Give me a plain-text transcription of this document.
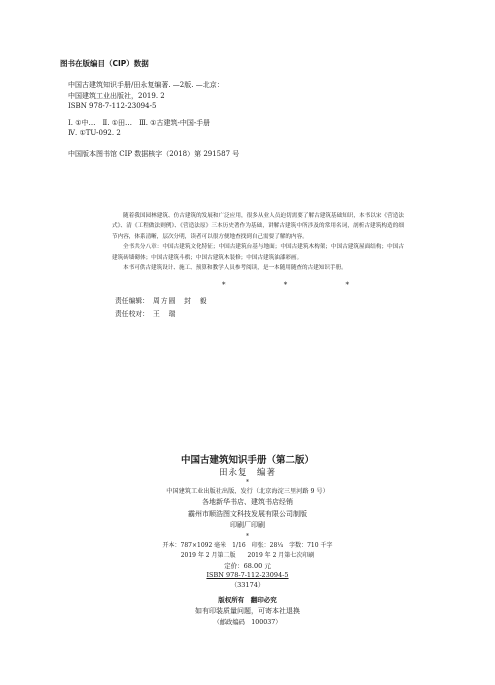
图书在版编目（CIP）数据
中国古建筑知识手册/田永复编著. —2版. —北京：
中国建筑工业出版社，2019. 2
ISBN 978-7-112-23094-5
Ⅰ. ①中…　Ⅱ. ①田…　Ⅲ. ①古建筑-中国-手册
Ⅳ. ①TU-092. 2
中国版本图书馆 CIP 数据核字（2018）第 291587 号

随着我国园林建筑、仿古建筑的发展和广泛应用，很多从业人员迫切需要了解古建筑基础知识，本书以宋《营造法式》、清《工程做法则例》、《营造法原》三本历史著作为基础，讲解古建筑中所涉及的常用名词，剖析古建筑构造的细节内容，体系清晰，层次分明，读者可以很方便地查找到自己需要了解的内容。

全书共分八章：中国古建筑文化特征；中国古建筑台基与地面；中国古建筑木构架；中国古建筑屋面结构；中国古建筑砖墙砌体；中国古建筑斗栱；中国古建筑木装修；中国古建筑油漆彩画。

本书可供古建筑设计、施工、预算和教学人员参考阅读，是一本随用随查的古建知识手册。

* * *
责任编辑： 周方圆　封　毅
责任校对： 王　瑞
中国古建筑知识手册（第二版）
田永复　编著
*
中国建筑工业出版社出版、发行（北京海淀三里河路 9 号）
各地新华书店、建筑书店经销
霸州市顺浩图文科技发展有限公司制版
印刷厂印刷
*
开本：787×1092 毫米　1/16　印张：28¼　字数：710 千字
2019 年 2 月第二版　　2019 年 2 月第七次印刷
定价：68.00 元
ISBN 978-7-112-23094-5
（33174）
版权所有　翻印必究
如有印装质量问题，可寄本社退换
（邮政编码　100037）
